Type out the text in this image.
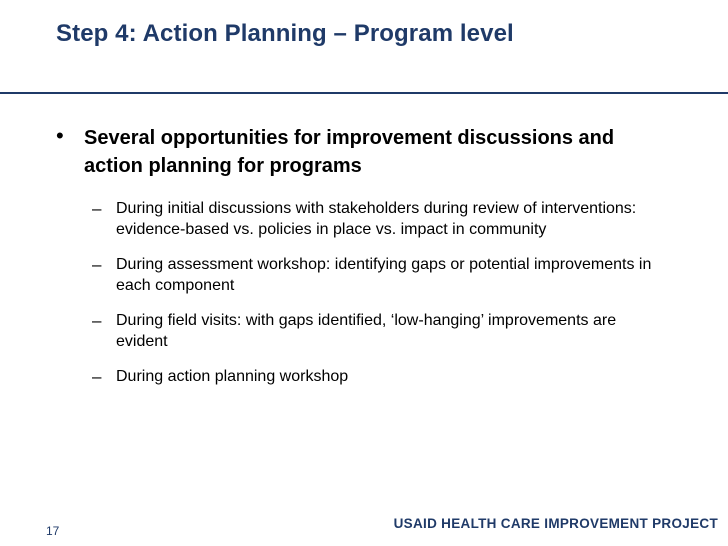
Step 4: Action Planning – Program level
• Several opportunities for improvement discussions and action planning for programs
– During initial discussions with stakeholders during review of interventions: evidence-based vs. policies in place vs. impact in community
– During assessment workshop: identifying gaps or potential improvements in each component
– During field visits: with gaps identified, ‘low-hanging’ improvements are evident
– During action planning workshop
17	USAID HEALTH CARE IMPROVEMENT PROJECT
